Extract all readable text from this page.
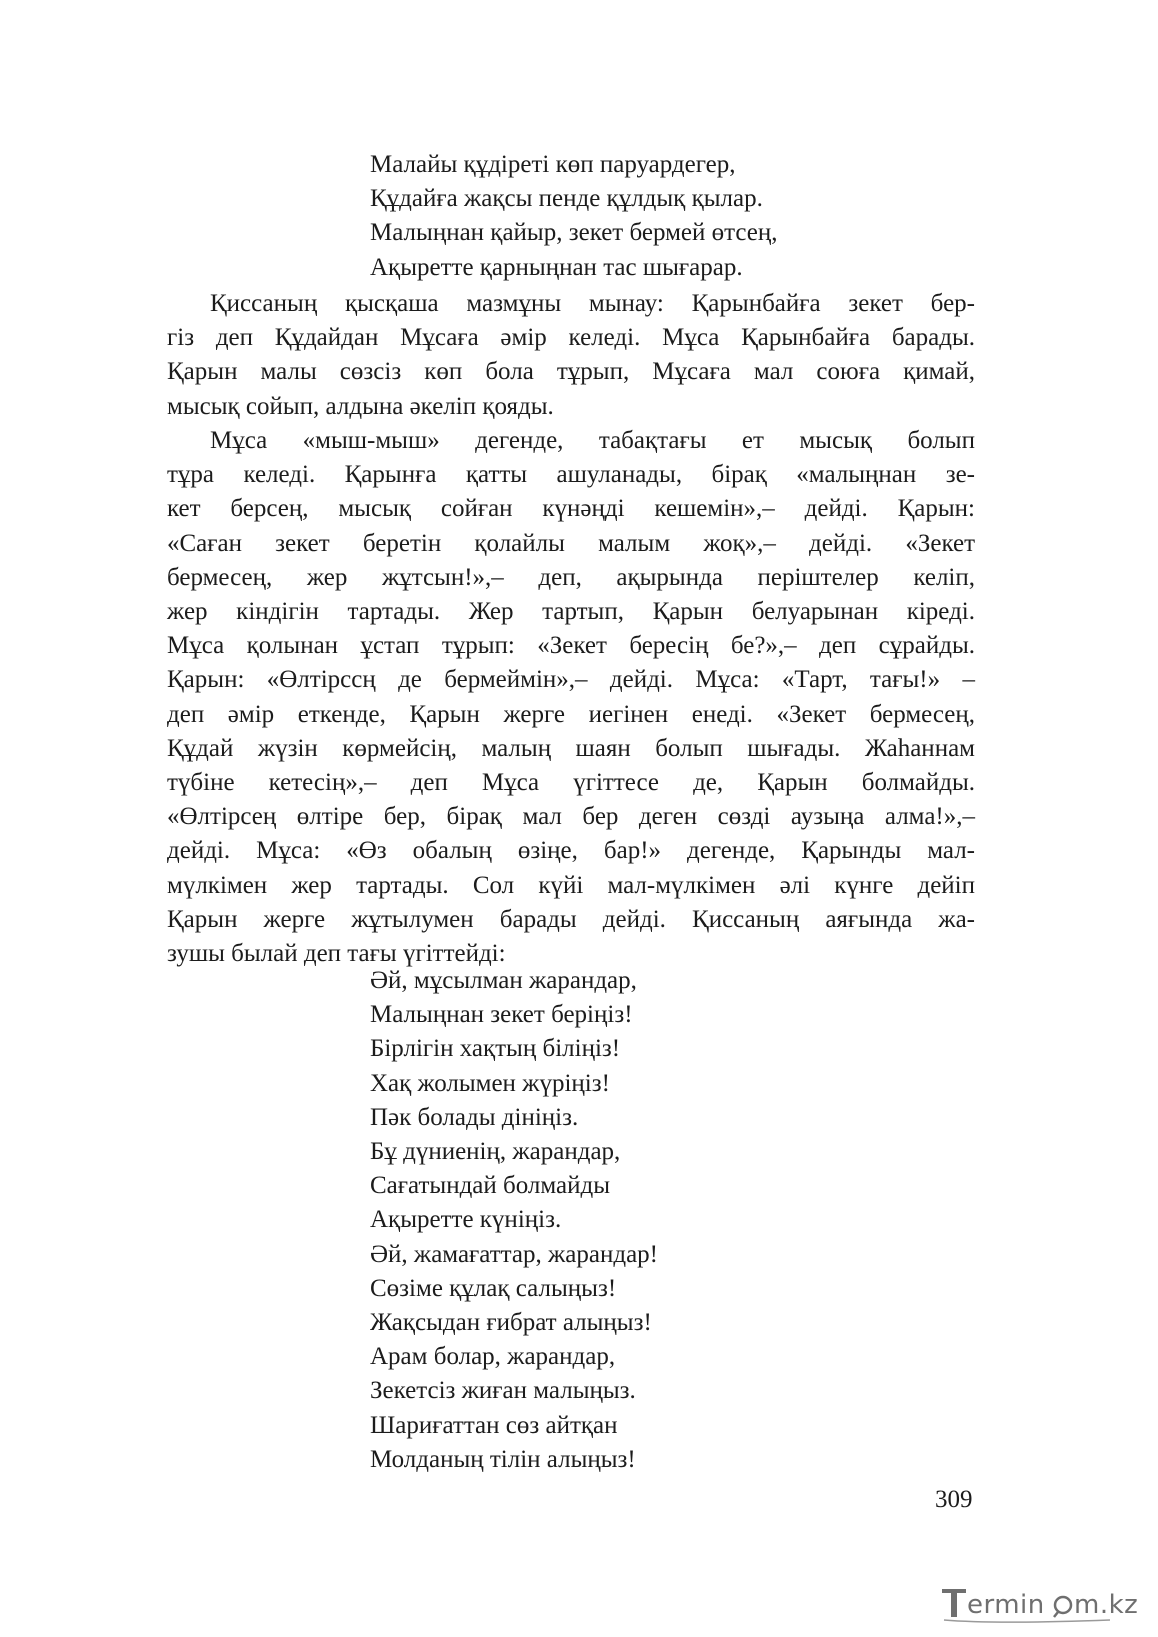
Малайы құдіреті көп паруардегер,
Құдайға жақсы пенде құлдық қылар.
Малыңнан қайыр, зекет бермей өтсең,
Ақыретте қарныңнан тас шығарар.
Қиссаның қысқаша мазмұны мынау: Қарынбайға зекет бер-
гіз деп Құдайдан Мұсаға әмір келеді. Мұса Қарынбайға барады.
Қарын малы сөзсіз көп бола тұрып, Мұсаға мал союға қимай,
мысық сойып, алдына әкеліп қояды.
Мұса «мыш-мыш» дегенде, табақтағы ет мысық болып
тұра келеді. Қарынға қатты ашуланады, бірақ «малыңнан зе-
кет берсең, мысық сойған күнәңді кешемін»,– дейді. Қарын:
«Саған зекет беретін қолайлы малым жоқ»,– дейді. «Зекет
бермесең, жер жұтсын!»,– деп, ақырында періштелер келіп,
жер кіндігін тартады. Жер тартып, Қарын белуарынан кіреді.
Мұса қолынан ұстап тұрып: «Зекет бересің бе?»,– деп сұрайды.
Қарын: «Өлтірссң де бермеймін»,– дейді. Мұса: «Тарт, тағы!» –
деп әмір еткенде, Қарын жерге иегінен енеді. «Зекет бермесең,
Құдай жүзін көрмейсің, малың шаян болып шығады. Жаһаннам
түбіне кетесің»,– деп Мұса үгіттесе де, Қарын болмайды.
«Өлтірсең өлтіре бер, бірақ мал бер деген сөзді аузыңа алма!»,–
дейді. Мұса: «Өз обалың өзіңе, бар!» дегенде, Қарынды мал-
мүлкімен жер тартады. Сол күйі мал-мүлкімен әлі күнге дейіп
Қарын жерге жұтылумен барады дейді. Қиссаның аяғында жа-
зушы былай деп тағы үгіттейді:
Әй, мұсылман жарандар,
Малыңнан зекет беріңіз!
Бірлігін хақтың біліңіз!
Хақ жолымен жүріңіз!
Пәк болады дініңіз.
Бұ дүниенің, жарандар,
Сағатындай болмайды
Ақыретте күніңіз.
Әй, жамағаттар, жарандар!
Сөзіме құлақ салыңыз!
Жақсыдан ғибрат алыңыз!
Арам болар, жарандар,
Зекетсіз жиған малыңыз.
Шариғаттан сөз айтқан
Молданың тілін алыңыз!
309
ermin m.kz
